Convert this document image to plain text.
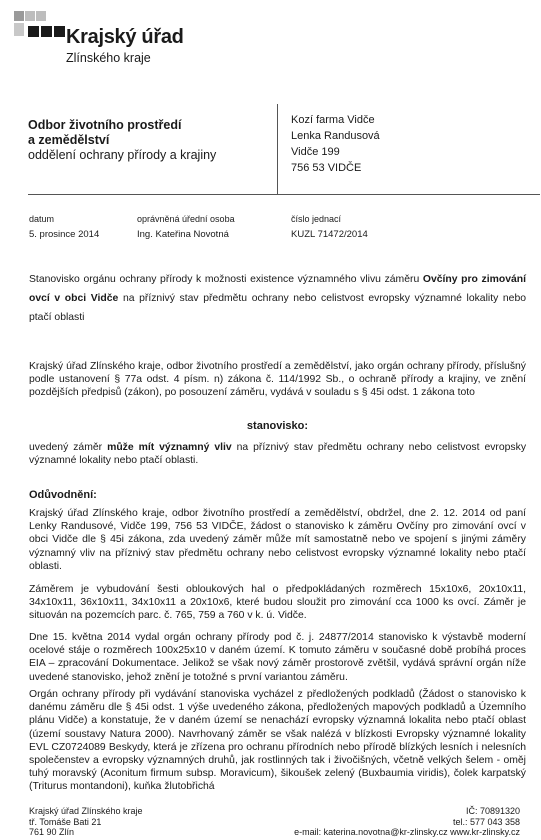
Krajský úřad
Zlínského kraje
Odbor životního prostředí
a zemědělství
oddělení ochrany přírody a krajiny
Kozí farma Vidče
Lenka Randusová
Vidče 199
756 53 VIDČE
datum
5. prosince 2014
oprávněná úřední osoba
Ing. Kateřina Novotná
číslo jednací
KUZL 71472/2014
Stanovisko orgánu ochrany přírody k možnosti existence významného vlivu záměru Ovčíny pro zimování ovcí v obci Vidče na příznivý stav předmětu ochrany nebo celistvost evropsky významné lokality nebo ptačí oblasti
Krajský úřad Zlínského kraje, odbor životního prostředí a zemědělství, jako orgán ochrany přírody, příslušný podle ustanovení § 77a odst. 4 písm. n) zákona č. 114/1992 Sb., o ochraně přírody a krajiny, ve znění pozdějších předpisů (zákon), po posouzení záměru, vydává v souladu s § 45i odst. 1 zákona toto
stanovisko:
uvedený záměr může mít významný vliv na příznivý stav předmětu ochrany nebo celistvost evropsky významné lokality nebo ptačí oblasti.
Odůvodnění:
Krajský úřad Zlínského kraje, odbor životního prostředí a zemědělství, obdržel, dne 2. 12. 2014 od paní Lenky Randusové, Vidče 199, 756 53 VIDČE, žádost o stanovisko k záměru Ovčíny pro zimování ovcí v obci Vidče dle § 45i zákona, zda uvedený záměr může mít samostatně nebo ve spojení s jinými záměry významný vliv na příznivý stav předmětu ochrany nebo celistvost evropsky významné lokality nebo ptačí oblasti.
Záměrem je vybudování šesti obloukových hal o předpokládaných rozměrech 15x10x6, 20x10x11, 34x10x11, 36x10x11, 34x10x11 a 20x10x6, které budou sloužit pro zimování cca 1000 ks ovcí. Záměr je situován na pozemcích parc. č. 765, 759 a 760 v k. ú. Vidče.
Dne 15. května 2014 vydal orgán ochrany přírody pod č. j. 24877/2014 stanovisko k výstavbě moderní ocelové stáje o rozměrech 100x25x10 v daném území. K tomuto záměru v současné době probíhá proces EIA – zpracování Dokumentace. Jelikož se však nový záměr prostorově zvětšil, vydává správní orgán níže uvedené stanovisko, jehož znění je totožné s první variantou záměru.
Orgán ochrany přírody při vydávání stanoviska vycházel z předložených podkladů (Žádost o stanovisko k danému záměru dle § 45i odst. 1 výše uvedeného zákona, předložených mapových podkladů a Územního plánu Vidče) a konstatuje, že v daném území se nenachází evropsky významná lokalita nebo ptačí oblast (území soustavy Natura 2000). Navrhovaný záměr se však nalézá v blízkosti Evropsky významné lokality EVL CZ0724089 Beskydy, která je zřízena pro ochranu přírodních nebo přírodě blízkých lesních i nelesních společenstev a evropsky významných druhů, jak rostlinných tak i živočišných, včetně velkých šelem - oměj tuhý moravský (Aconitum firmum subsp. Moravicum), šikoušek zelený (Buxbaumia viridis), čolek karpatský (Triturus montandoni), kuňka žlutobřichá
Krajský úřad Zlínského kraje
tř. Tomáše Bati 21
761 90 Zlín
IČ: 70891320
tel.: 577 043 358
e-mail: katerina.novotna@kr-zlinsky.cz www.kr-zlinsky.cz
